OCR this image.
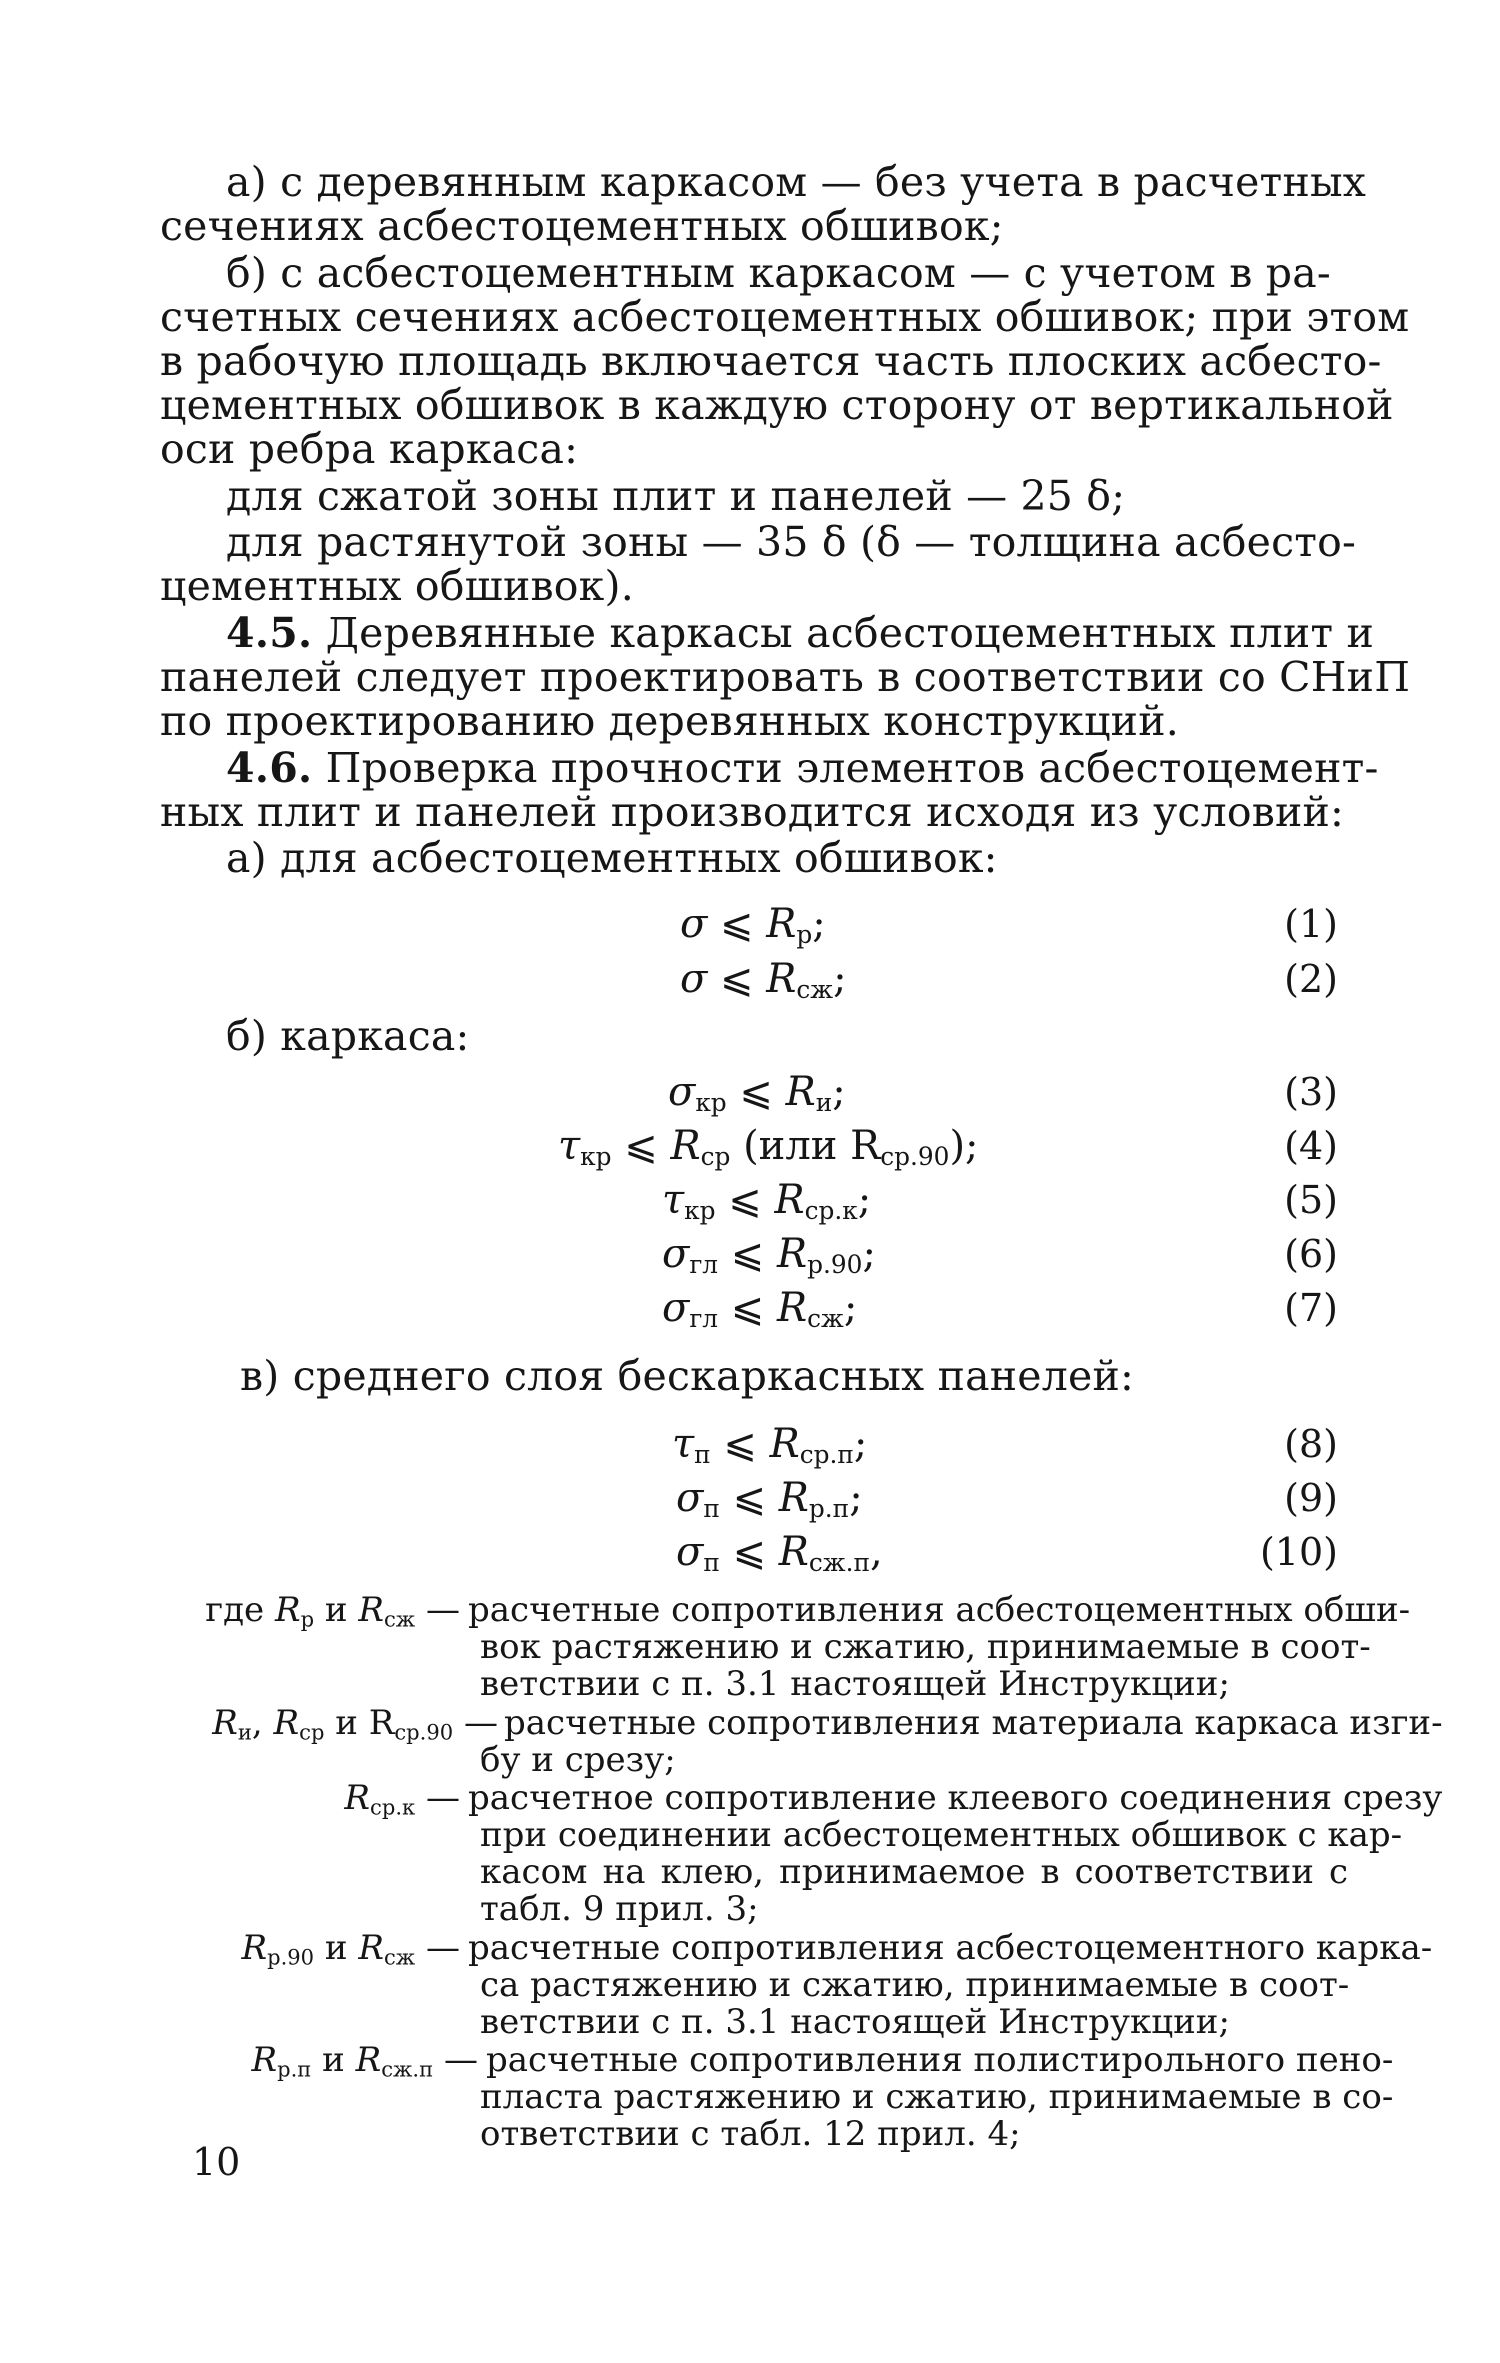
а) с деревянным каркасом — без учета в расчетных
сечениях асбестоцементных обшивок;
б) с асбестоцементным каркасом — с учетом в ра-
счетных сечениях асбестоцементных обшивок; при этом
в рабочую площадь включается часть плоских асбесто-
цементных обшивок в каждую сторону от вертикальной
оси ребра каркаса:
для сжатой зоны плит и панелей — 25 δ;
для растянутой зоны — 35 δ (δ — толщина асбесто-
цементных обшивок).
4.5. Деревянные каркасы асбестоцементных плит и
панелей следует проектировать в соответствии со СНиП
по проектированию деревянных конструкций.
4.6. Проверка прочности элементов асбестоцемент-
ных плит и панелей производится исходя из условий:
а) для асбестоцементных обшивок:
σ ⩽ $R_р$;	(1)
σ ⩽ $R_{сж}$;	(2)
б) каркаса:
$\sigma_{кр}$ ⩽ $R_и$;	(3)
$\tau_{кр}$ ⩽ $R_{ср}$ (или $R_{ср.90}$);	(4)
$\tau_{кр}$ ⩽ $R_{ср.к}$;	(5)
$\sigma_{гл}$ ⩽ $R_{р.90}$;	(6)
$\sigma_{гл}$ ⩽ $R_{сж}$;	(7)
в) среднего слоя бескаркасных панелей:
$\tau_п$ ⩽ $R_{ср.п}$;	(8)
$\sigma_п$ ⩽ $R_{р.п}$;	(9)
$\sigma_п$ ⩽ $R_{сж.п}$,	(10)
где $R_р$ и $R_{сж}$ — расчетные сопротивления асбестоцементных обши-
вок растяжению и сжатию, принимаемые в соот-
ветствии с п. 3.1 настоящей Инструкции;
$R_и$, $R_{ср}$ и $R_{ср.90}$ — расчетные сопротивления материала каркаса изги-
бу и срезу;
$R_{ср.к}$ — расчетное сопротивление клеевого соединения срезу
при соединении асбестоцементных обшивок с кар-
касом на клею, принимаемое в соответствии с
табл. 9 прил. 3;
$R_{р.90}$ и $R_{сж}$ — расчетные сопротивления асбестоцементного карка-
са растяжению и сжатию, принимаемые в соот-
ветствии с п. 3.1 настоящей Инструкции;
$R_{р.п}$ и $R_{сж.п}$ — расчетные сопротивления полистирольного пено-
пласта растяжению и сжатию, принимаемые в со-
ответствии с табл. 12 прил. 4;
10
